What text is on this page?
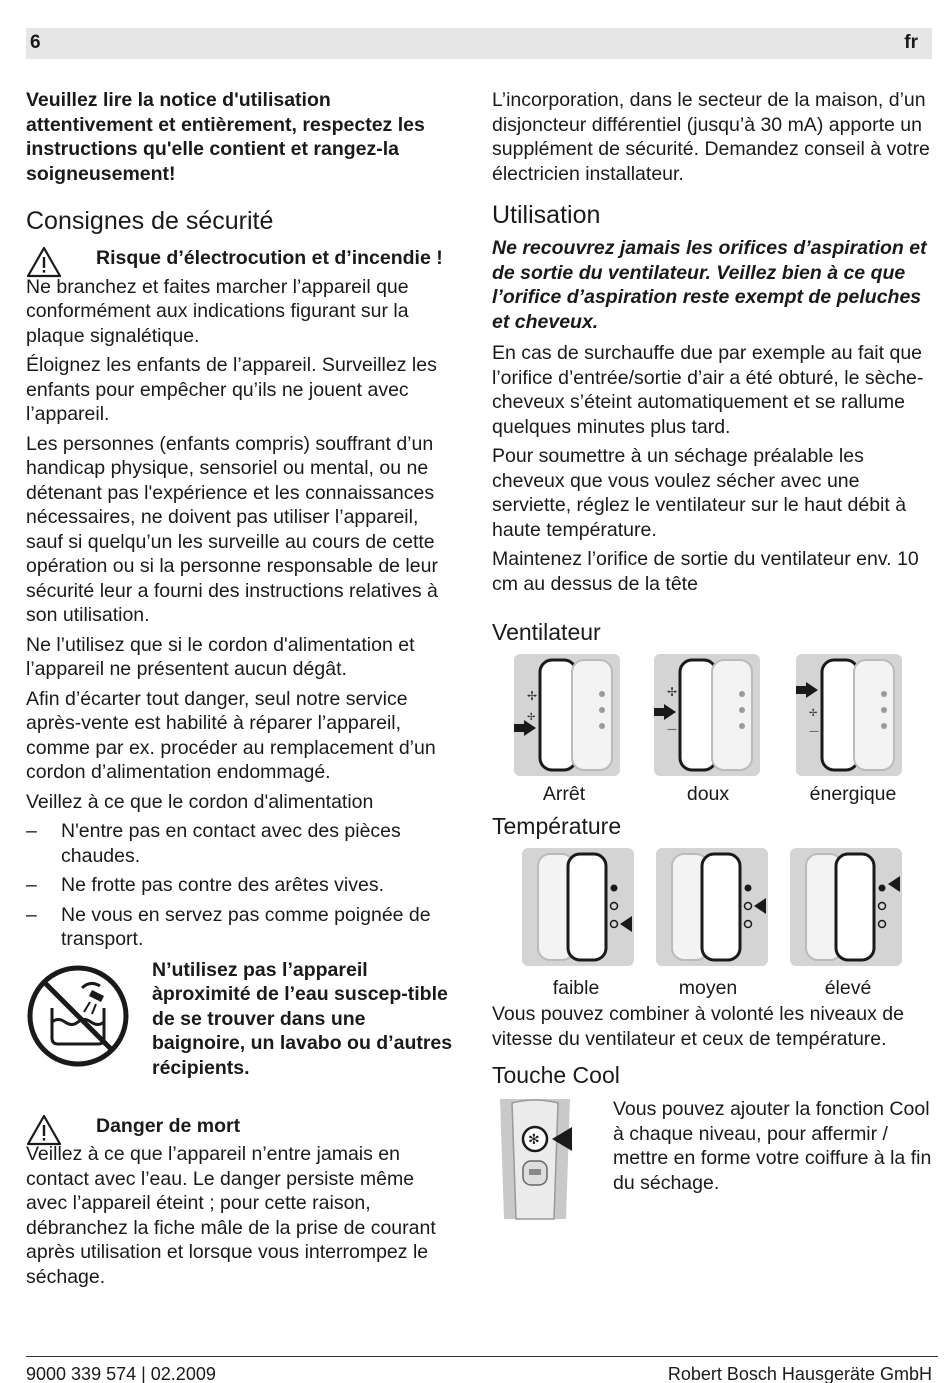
6	fr

Veuillez lire la notice d'utilisation attentivement et entièrement, respectez les instructions qu'elle contient et rangez-la soigneusement!

Consignes de sécurité
Risque d’électrocution et d’incendie !

Ne branchez et faites marcher l’appareil que conformément aux indications figurant sur la plaque signalétique.

Éloignez les enfants de l’appareil. Surveillez les enfants pour empêcher qu’ils ne jouent avec l’appareil.

Les personnes (enfants compris) souffrant d’un handicap physique, sensoriel ou mental, ou ne détenant pas l'expérience et les connaissances nécessaires, ne doivent pas utiliser l’appareil, sauf si quelqu’un les surveille au cours de cette opération ou si la personne responsable de leur sécurité leur a fourni des instructions relatives à son utilisation.

Ne l’utilisez que si le cordon d'alimentation et l’appareil ne présentent aucun dégât.

Afin d’écarter tout danger, seul notre service après-vente est habilité à réparer l’appareil, comme par ex. procéder au remplacement d’un cordon d’alimentation endommagé.

Veillez à ce que le cordon d'alimentation

– N'entre pas en contact avec des pièces chaudes.
– Ne frotte pas contre des arêtes vives.
– Ne vous en servez pas comme poignée de transport.

N’utilisez pas l’appareil àproximité de l’eau suscep-tible de se trouver dans une baignoire, un lavabo ou d’autres récipients.

Danger de mort

Veillez à ce que l’appareil n’entre jamais en contact avec l’eau. Le danger persiste même avec l’appareil éteint ; pour cette raison, débranchez la fiche mâle de la prise de courant après utilisation et lorsque vous interrompez le séchage.

L’incorporation, dans le secteur de la maison, d’un disjoncteur différentiel (jusqu’à 30 mA) apporte un supplément de sécurité. Demandez conseil à votre électricien installateur.

Utilisation

Ne recouvrez jamais les orifices d’aspiration et de sortie du ventilateur. Veillez bien à ce que l’orifice d’aspiration reste exempt de peluches et cheveux.

En cas de surchauffe due par exemple au fait que l’orifice d’entrée/sortie d’air a été obturé, le sèche-cheveux s’éteint automatiquement et se rallume quelques minutes plus tard.

Pour soumettre à un séchage préalable les cheveux que vous voulez sécher avec une serviette, réglez le ventilateur sur le haut débit à haute température.

Maintenez l’orifice de sortie du ventilateur env. 10 cm au dessus de la tête

Ventilateur
✢
✢
✢
—
✢
—
Arrêt	doux	énergique
Température
faible	moyen	élevé

Vous pouvez combiner à volonté les niveaux de vitesse du ventilateur et ceux de température.

Touche Cool
✻

Vous pouvez ajouter la fonction Cool à chaque niveau, pour affermir / mettre en forme votre coiffure à la fin du séchage.

9000 339 574 | 02.2009	Robert Bosch Hausgeräte GmbH
